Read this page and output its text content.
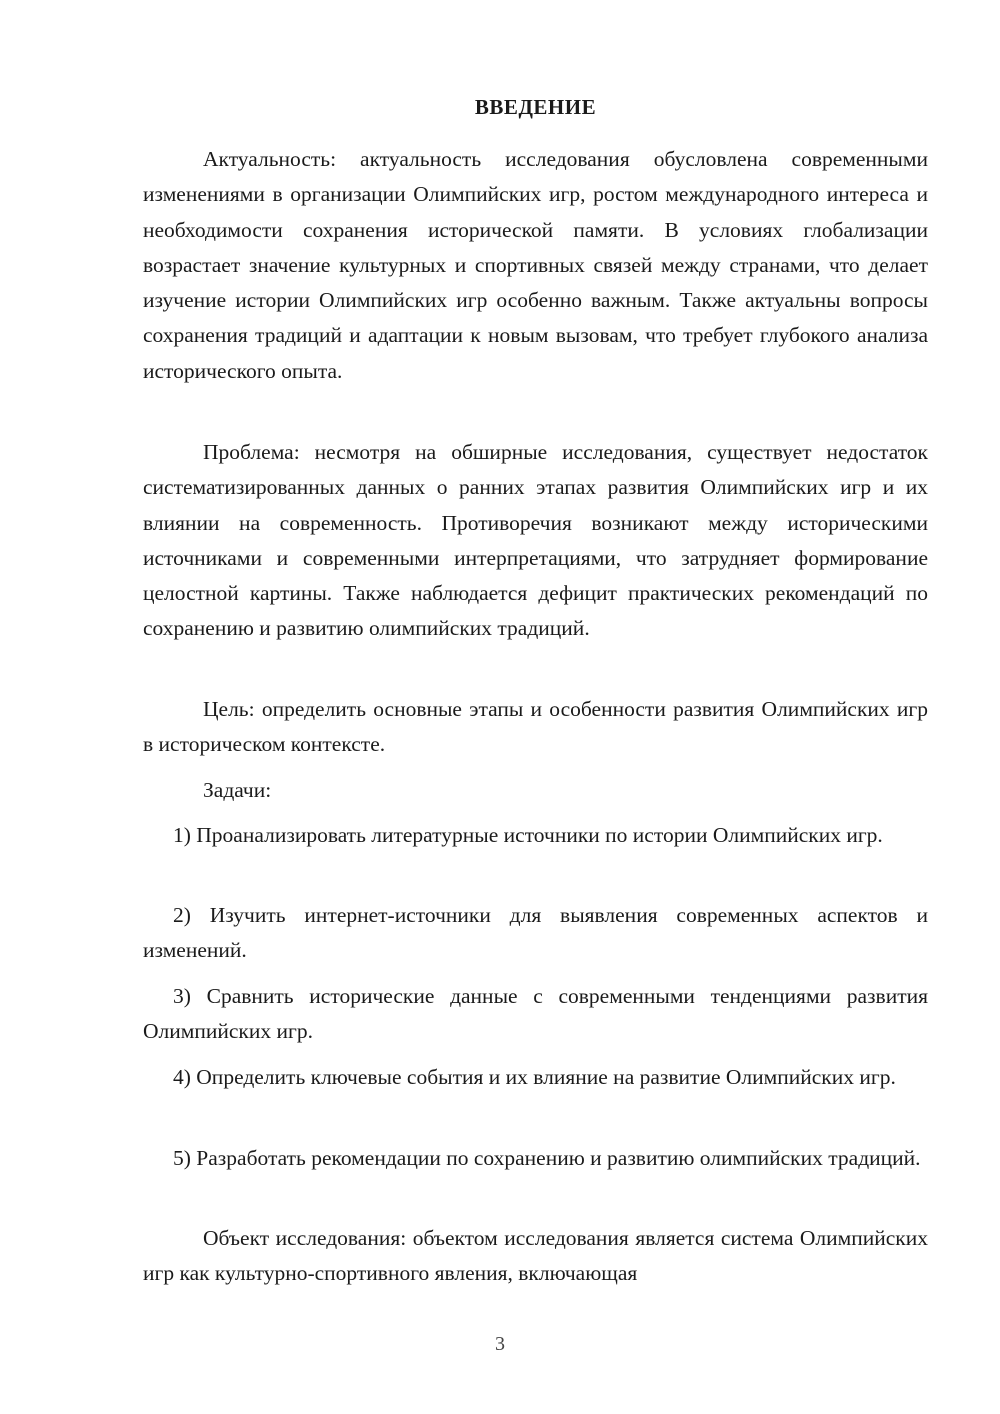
ВВЕДЕНИЕ
Актуальность: актуальность исследования обусловлена современными изменениями в организации Олимпийских игр, ростом международного интереса и необходимости сохранения исторической памяти. В условиях глобализации возрастает значение культурных и спортивных связей между странами, что делает изучение истории Олимпийских игр особенно важным. Также актуальны вопросы сохранения традиций и адаптации к новым вызовам, что требует глубокого анализа исторического опыта.
Проблема: несмотря на обширные исследования, существует недостаток систематизированных данных о ранних этапах развития Олимпийских игр и их влиянии на современность. Противоречия возникают между историческими источниками и современными интерпретациями, что затрудняет формирование целостной картины. Также наблюдается дефицит практических рекомендаций по сохранению и развитию олимпийских традиций.
Цель: определить основные этапы и особенности развития Олимпийских игр в историческом контексте.
Задачи:
1) Проанализировать литературные источники по истории Олимпийских игр.
2) Изучить интернет-источники для выявления современных аспектов и изменений.
3) Сравнить исторические данные с современными тенденциями развития Олимпийских игр.
4) Определить ключевые события и их влияние на развитие Олимпийских игр.
5) Разработать рекомендации по сохранению и развитию олимпийских традиций.
Объект исследования: объектом исследования является система Олимпийских игр как культурно-спортивного явления, включающая
3
